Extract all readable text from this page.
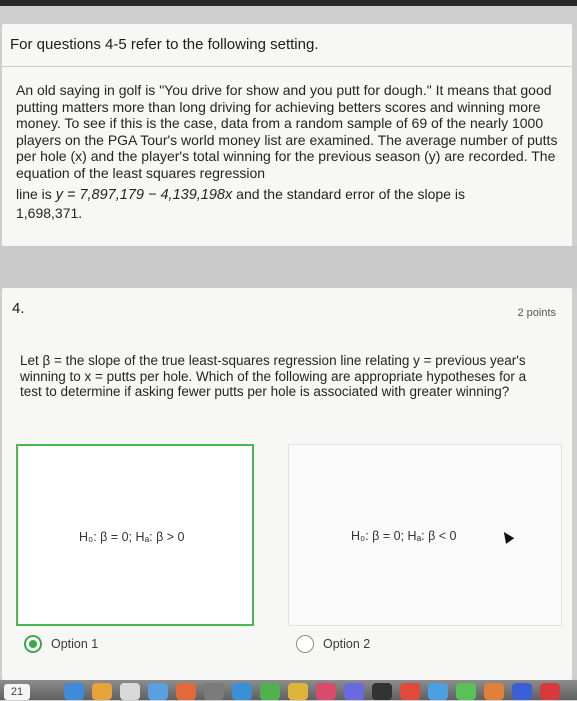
For questions 4-5 refer to the following setting.

An old saying in golf is "You drive for show and you putt for dough." It means that good putting matters more than long driving for achieving betters scores and winning more money. To see if this is the case, data from a random sample of 69 of the nearly 1000 players on the PGA Tour's world money list are examined. The average number of putts per hole (x) and the player's total winning for the previous season (y) are recorded. The equation of the least squares regression

line is y = 7,897,179 − 4,139,198x and the standard error of the slope is

1,698,371.

4.	2 points
Let β = the slope of the true least-squares regression line relating y = previous year's winning to x = putts per hole. Which of the following are appropriate hypotheses for a test to determine if asking fewer putts per hole is associated with greater winning?
H₀: β = 0; Hₐ: β > 0	H₀: β = 0; Hₐ: β < 0
Option 1	Option 2
21
